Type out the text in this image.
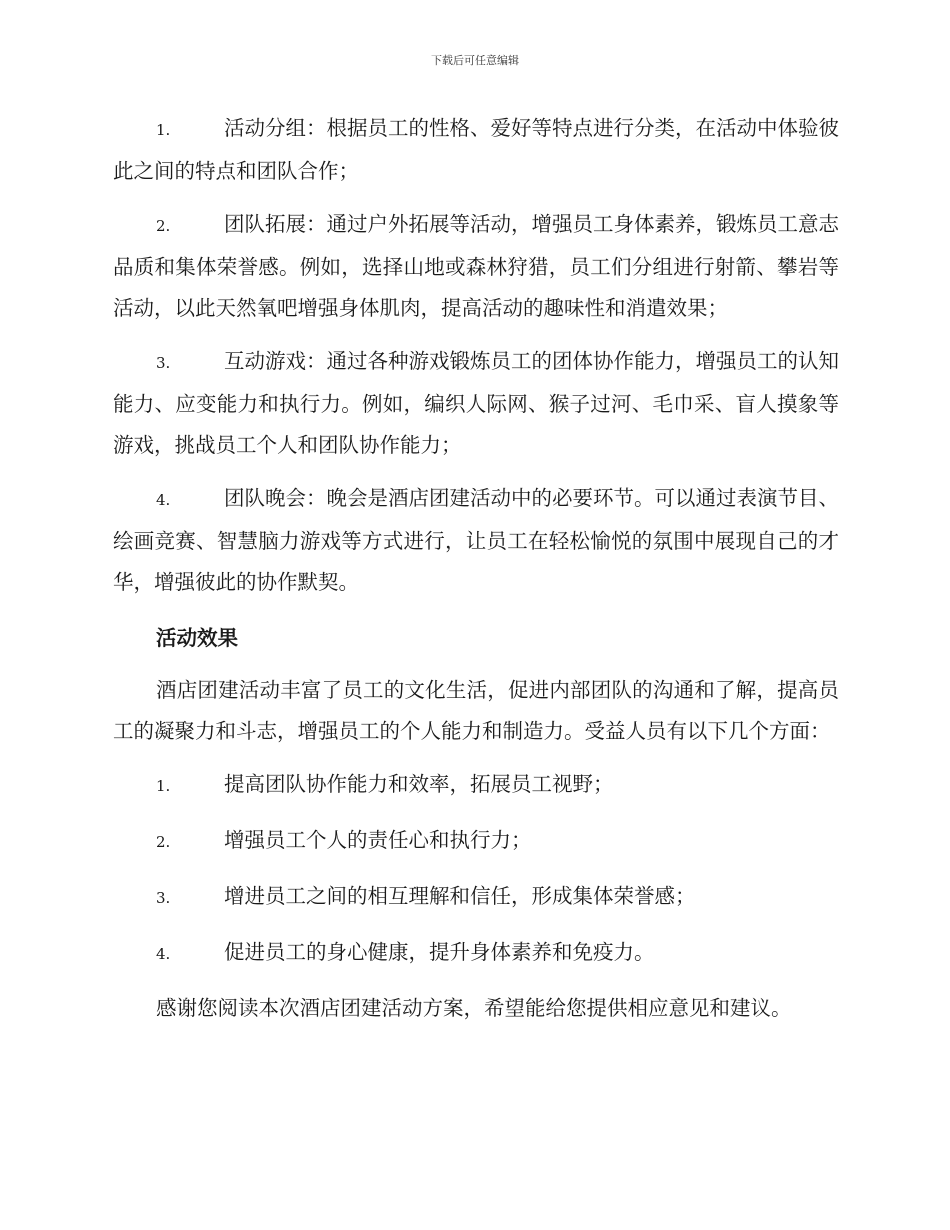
下载后可任意编辑
1.	活动分组：根据员工的性格、爱好等特点进行分类，在活动中体验彼此之间的特点和团队合作；
2.	团队拓展：通过户外拓展等活动，增强员工身体素养，锻炼员工意志品质和集体荣誉感。例如，选择山地或森林狩猎，员工们分组进行射箭、攀岩等活动，以此天然氧吧增强身体肌肉，提高活动的趣味性和消遣效果；
3.	互动游戏：通过各种游戏锻炼员工的团体协作能力，增强员工的认知能力、应变能力和执行力。例如，编织人际网、猴子过河、毛巾采、盲人摸象等游戏，挑战员工个人和团队协作能力；
4.	团队晚会：晚会是酒店团建活动中的必要环节。可以通过表演节目、绘画竞赛、智慧脑力游戏等方式进行，让员工在轻松愉悦的氛围中展现自己的才华，增强彼此的协作默契。
活动效果
酒店团建活动丰富了员工的文化生活，促进内部团队的沟通和了解，提高员工的凝聚力和斗志，增强员工的个人能力和制造力。受益人员有以下几个方面：
1.	提高团队协作能力和效率，拓展员工视野；
2.	增强员工个人的责任心和执行力；
3.	增进员工之间的相互理解和信任，形成集体荣誉感；
4.	促进员工的身心健康，提升身体素养和免疫力。
感谢您阅读本次酒店团建活动方案，希望能给您提供相应意见和建议。
